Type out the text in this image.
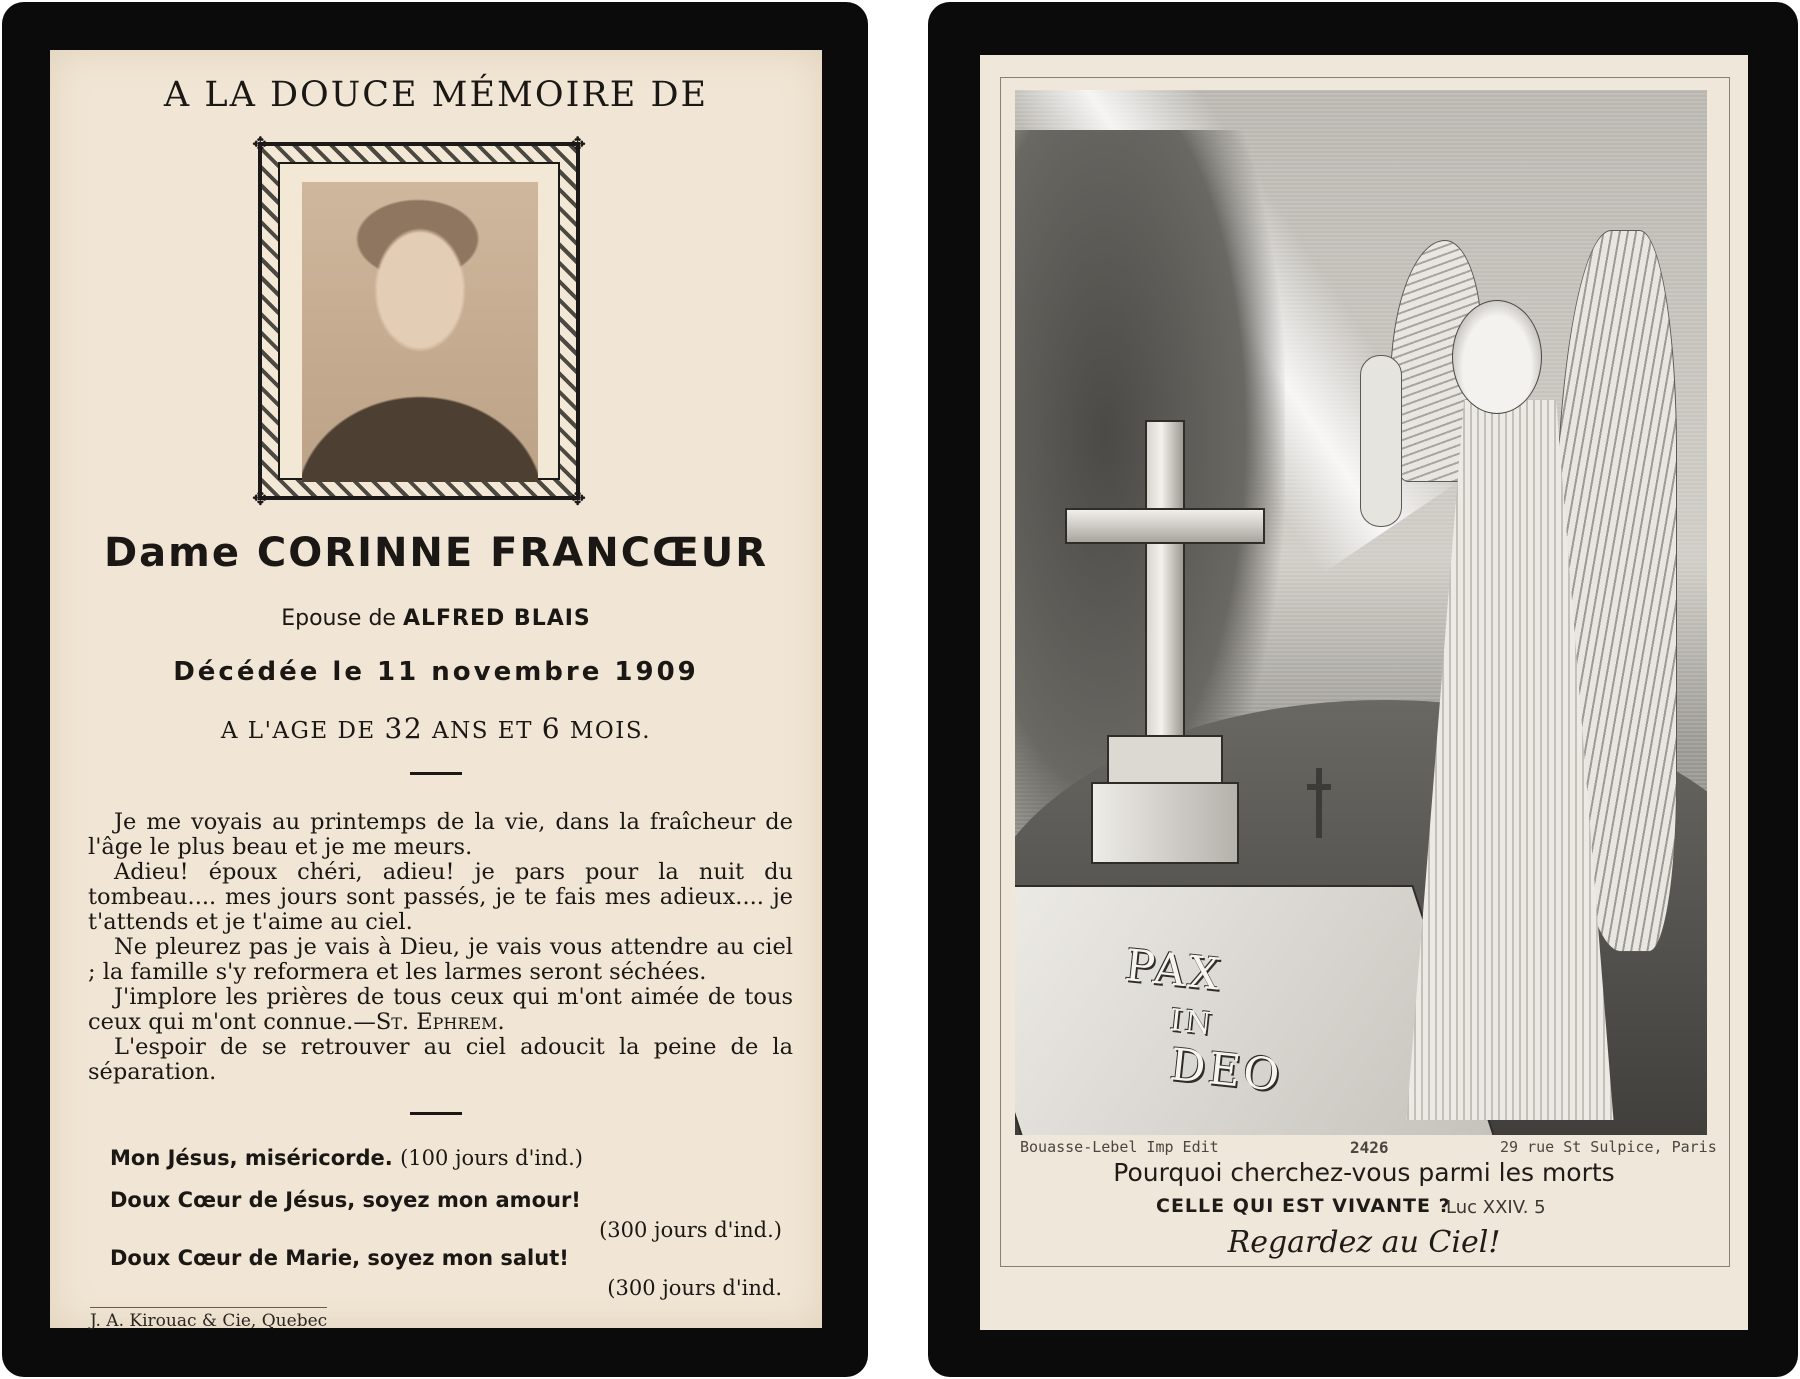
A LA DOUCE MÉMOIRE DE
✥	✥
✥	✥
Dame CORINNE FRANCŒUR
Epouse de ALFRED BLAIS
Décédée le 11 novembre 1909
A L'AGE DE 32 ANS ET 6 MOIS.

Je me voyais au printemps de la vie, dans la fraîcheur de l'âge le plus beau et je me meurs.

Adieu! époux chéri, adieu! je pars pour la nuit du tombeau.... mes jours sont passés, je te fais mes adieux.... je t'attends et je t'aime au ciel.

Ne pleurez pas je vais à Dieu, je vais vous attendre au ciel ; la famille s'y reformera et les larmes seront séchées.

J'implore les prières de tous ceux qui m'ont aimée de tous ceux qui m'ont connue.—St. Ephrem.

L'espoir de se retrouver au ciel adoucit la peine de la séparation.

Mon Jésus, miséricorde. (100 jours d'ind.)
Doux Cœur de Jésus, soyez mon amour!
(300 jours d'ind.)
Doux Cœur de Marie, soyez mon salut!
(300 jours d'ind.
J. A. Kirouac & Cie, Quebec
PAX
IN
DEO
Bouasse-Lebel Imp Edit	2426	29 rue St Sulpice, Paris
Pourquoi cherchez-vous parmi les morts
CELLE QUI EST VIVANTE ?
Luc XXIV. 5
Regardez au Ciel!
